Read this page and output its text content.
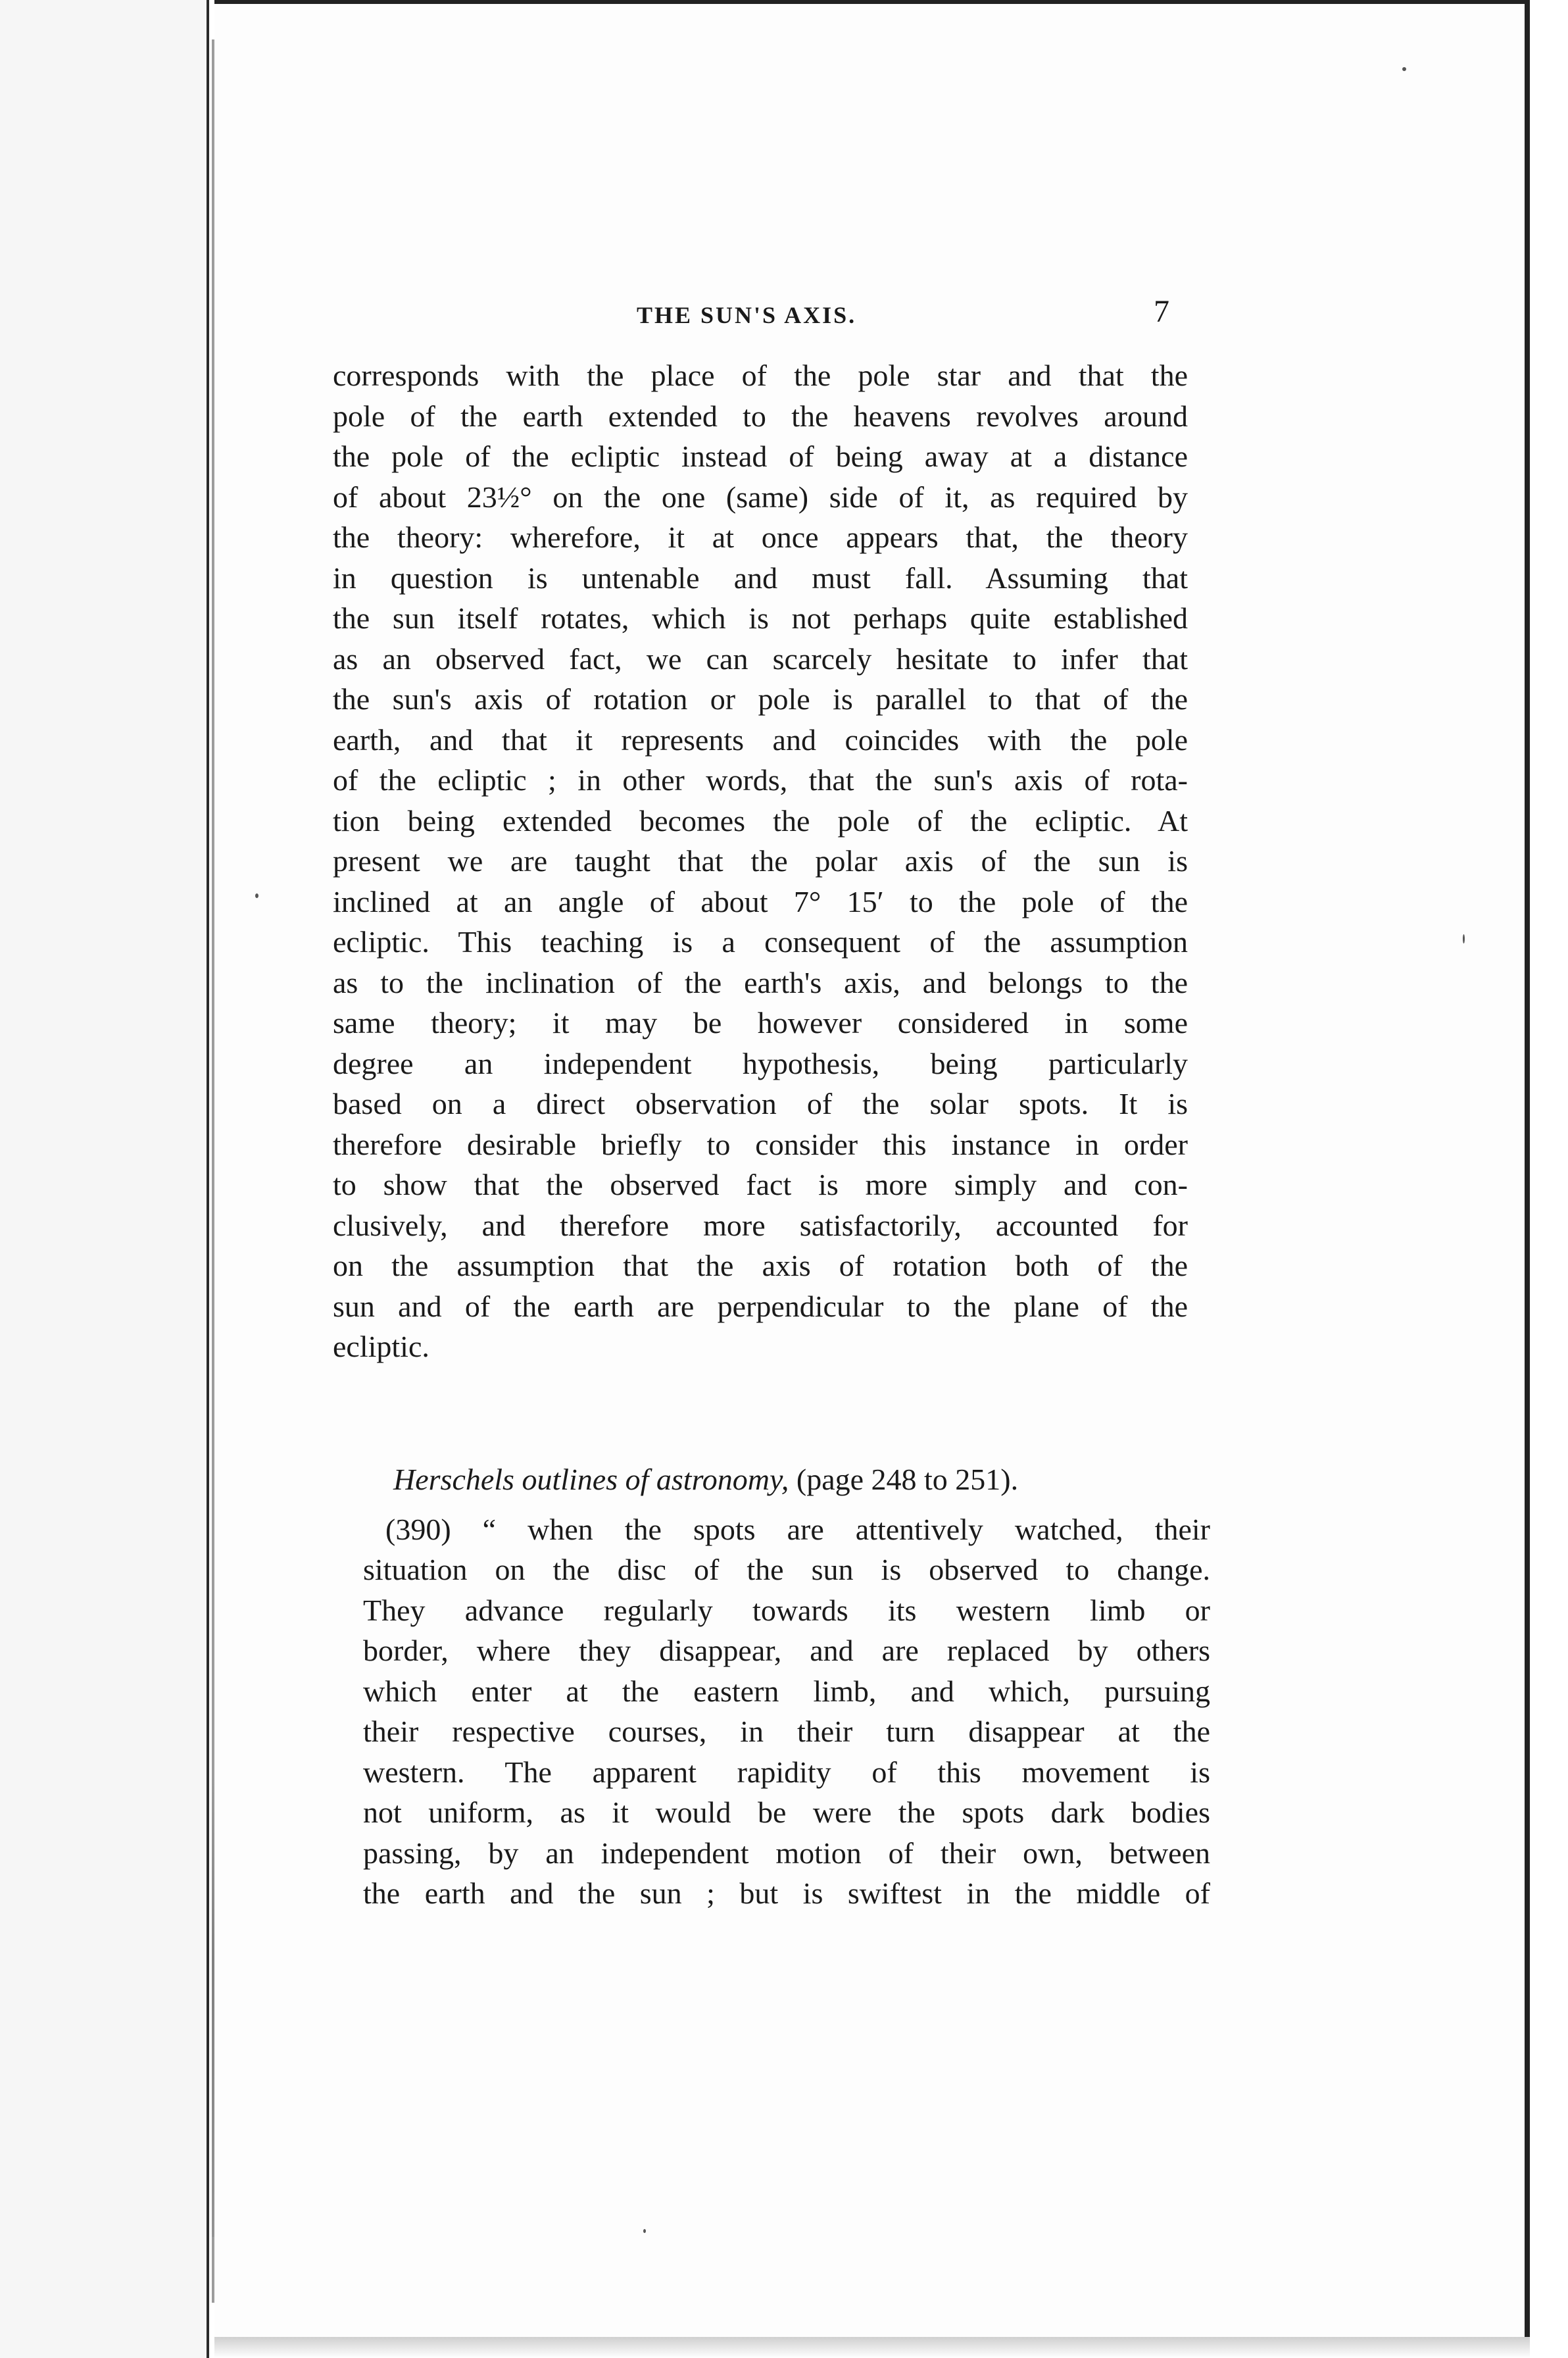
THE SUN'S AXIS.	7
corresponds with the place of the pole star and that the
pole of the earth extended to the heavens revolves around
the pole of the ecliptic instead of being away at a distance
of about 23½° on the one (same) side of it, as required by
the theory: wherefore, it at once appears that, the theory
in question is untenable and must fall. Assuming that
the sun itself rotates, which is not perhaps quite established
as an observed fact, we can scarcely hesitate to infer that
the sun's axis of rotation or pole is parallel to that of the
earth, and that it represents and coincides with the pole
of the ecliptic ; in other words, that the sun's axis of rota-
tion being extended becomes the pole of the ecliptic. At
present we are taught that the polar axis of the sun is
inclined at an angle of about 7° 15′ to the pole of the
ecliptic. This teaching is a consequent of the assumption
as to the inclination of the earth's axis, and belongs to the
same theory; it may be however considered in some
degree an independent hypothesis, being particularly
based on a direct observation of the solar spots. It is
therefore desirable briefly to consider this instance in order
to show that the observed fact is more simply and con-
clusively, and therefore more satisfactorily, accounted for
on the assumption that the axis of rotation both of the
sun and of the earth are perpendicular to the plane of the
ecliptic.
Herschels outlines of astronomy, (page 248 to 251).
(390) “ when the spots are attentively watched, their
situation on the disc of the sun is observed to change.
They advance regularly towards its western limb or
border, where they disappear, and are replaced by others
which enter at the eastern limb, and which, pursuing
their respective courses, in their turn disappear at the
western. The apparent rapidity of this movement is
not uniform, as it would be were the spots dark bodies
passing, by an independent motion of their own, between
the earth and the sun ; but is swiftest in the middle of
